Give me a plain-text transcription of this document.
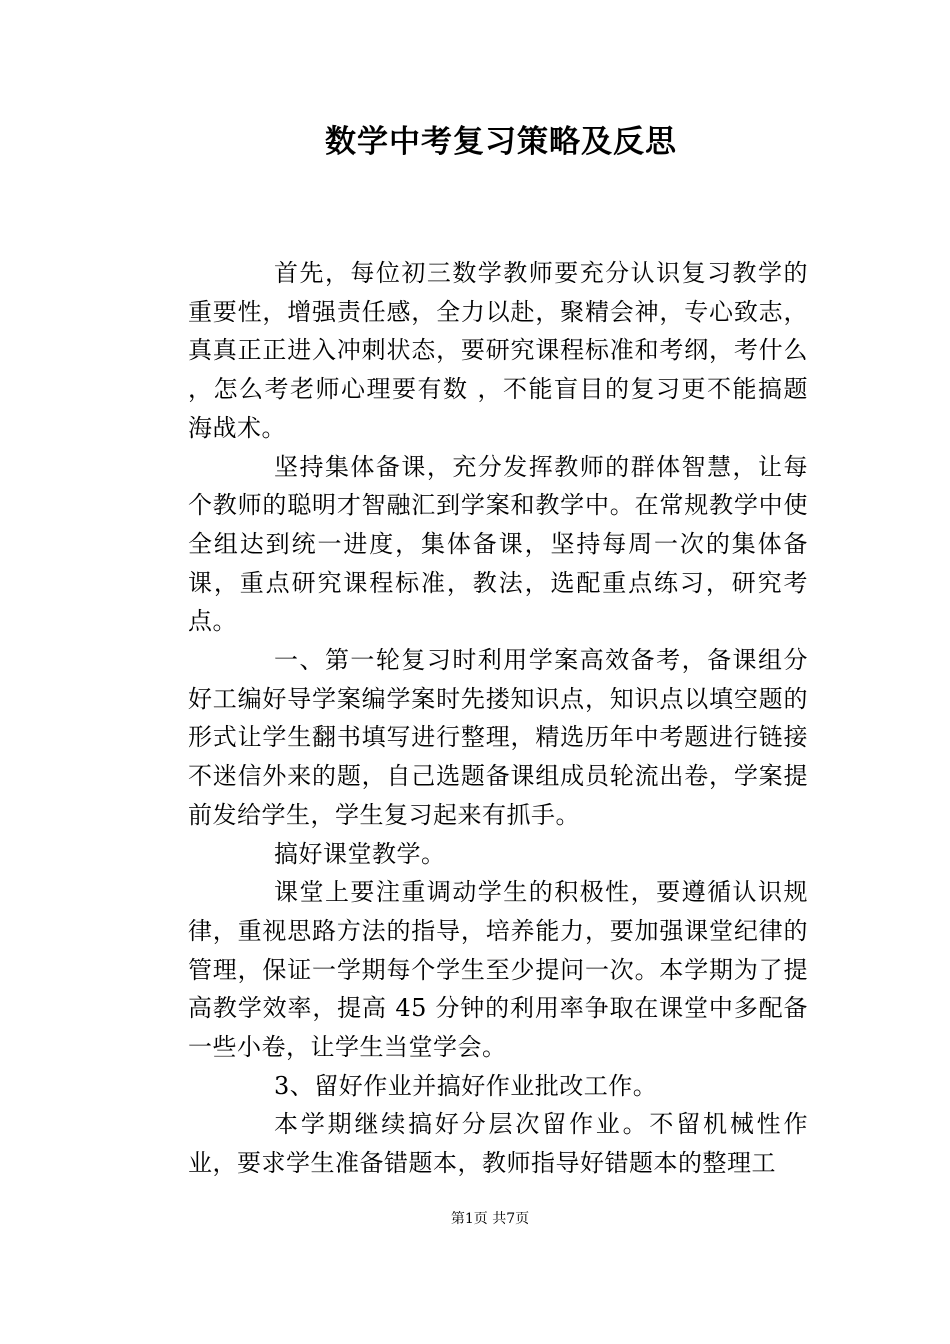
数学中考复习策略及反思

首先，每位初三数学教师要充分认识复习教学的重要性，增强责任感，全力以赴，聚精会神，专心致志，真真正正进入冲刺状态，要研究课程标准和考纲，考什么 ，怎么考老师心理要有数 ，不能盲目的复习更不能搞题海战术。

坚持集体备课，充分发挥教师的群体智慧，让每个教师的聪明才智融汇到学案和教学中。在常规教学中使全组达到统一进度，集体备课，坚持每周一次的集体备课，重点研究课程标准，教法，选配重点练习，研究考点。

一、第一轮复习时利用学案高效备考，备课组分好工编好导学案编学案时先搂知识点，知识点以填空题的形式让学生翻书填写进行整理，精选历年中考题进行链接不迷信外来的题，自己选题备课组成员轮流出卷，学案提前发给学生，学生复习起来有抓手。

搞好课堂教学。

课堂上要注重调动学生的积极性，要遵循认识规律，重视思路方法的指导，培养能力，要加强课堂纪律的管理，保证一学期每个学生至少提问一次。本学期为了提高教学效率，提高 45 分钟的利用率争取在课堂中多配备一些小卷，让学生当堂学会。

3、留好作业并搞好作业批改工作。

本学期继续搞好分层次留作业。不留机械性作业，要求学生准备错题本，教师指导好错题本的整理工

第1页 共7页
